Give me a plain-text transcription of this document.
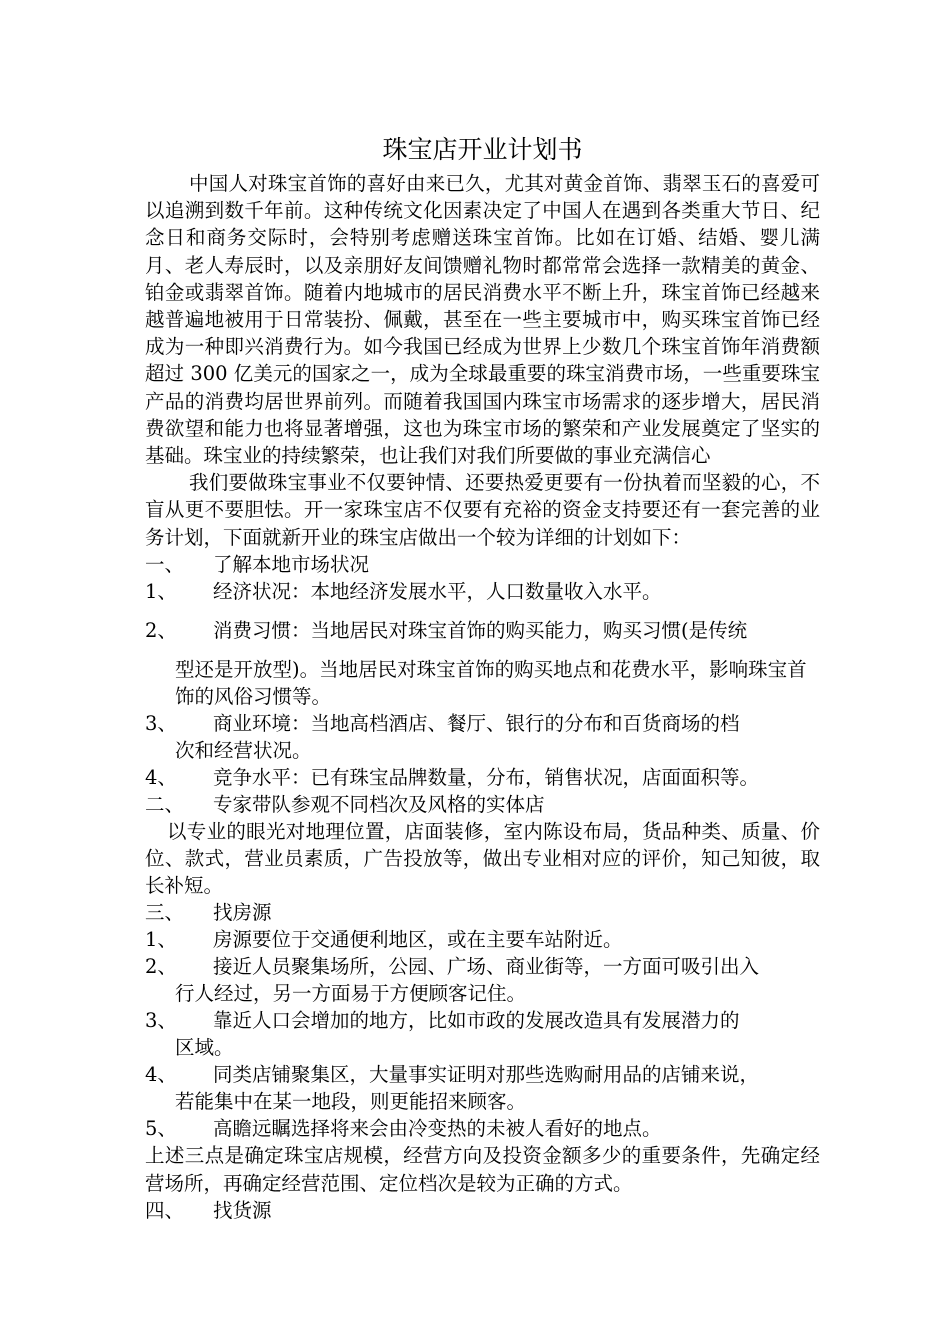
珠宝店开业计划书

中国人对珠宝首饰的喜好由来已久，尤其对黄金首饰、翡翠玉石的喜爱可以追溯到数千年前。这种传统文化因素决定了中国人在遇到各类重大节日、纪念日和商务交际时，会特别考虑赠送珠宝首饰。比如在订婚、结婚、婴儿满月、老人寿辰时，以及亲朋好友间馈赠礼物时都常常会选择一款精美的黄金、铂金或翡翠首饰。随着内地城市的居民消费水平不断上升，珠宝首饰已经越来越普遍地被用于日常装扮、佩戴，甚至在一些主要城市中，购买珠宝首饰已经成为一种即兴消费行为。如今我国已经成为世界上少数几个珠宝首饰年消费额超过 300 亿美元的国家之一，成为全球最重要的珠宝消费市场，一些重要珠宝产品的消费均居世界前列。而随着我国国内珠宝市场需求的逐步增大，居民消费欲望和能力也将显著增强，这也为珠宝市场的繁荣和产业发展奠定了坚实的基础。珠宝业的持续繁荣，也让我们对我们所要做的事业充满信心

我们要做珠宝事业不仅要钟情、还要热爱更要有一份执着而坚毅的心，不盲从更不要胆怯。开一家珠宝店不仅要有充裕的资金支持要还有一套完善的业务计划，下面就新开业的珠宝店做出一个较为详细的计划如下：

一、	了解本地市场状况
1、	经济状况：本地经济发展水平，人口数量收入水平。
2、	消费习惯：当地居民对珠宝首饰的购买能力，购买习惯(是传统

型还是开放型)。当地居民对珠宝首饰的购买地点和花费水平，影响珠宝首饰的风俗习惯等。

3、	商业环境：当地高档酒店、餐厅、银行的分布和百货商场的档

次和经营状况。

4、	竞争水平：已有珠宝品牌数量，分布，销售状况，店面面积等。
二、	专家带队参观不同档次及风格的实体店

以专业的眼光对地理位置，店面装修，室内陈设布局，货品种类、质量、价位、款式，营业员素质，广告投放等，做出专业相对应的评价，知己知彼，取长补短。

三、	找房源
1、	房源要位于交通便利地区，或在主要车站附近。
2、	接近人员聚集场所，公园、广场、商业街等，一方面可吸引出入

行人经过，另一方面易于方便顾客记住。

3、	靠近人口会增加的地方，比如市政的发展改造具有发展潜力的

区域。

4、	同类店铺聚集区，大量事实证明对那些选购耐用品的店铺来说，

若能集中在某一地段，则更能招来顾客。

5、	高瞻远瞩选择将来会由冷变热的未被人看好的地点。

上述三点是确定珠宝店规模，经营方向及投资金额多少的重要条件，先确定经营场所，再确定经营范围、定位档次是较为正确的方式。

四、	找货源
